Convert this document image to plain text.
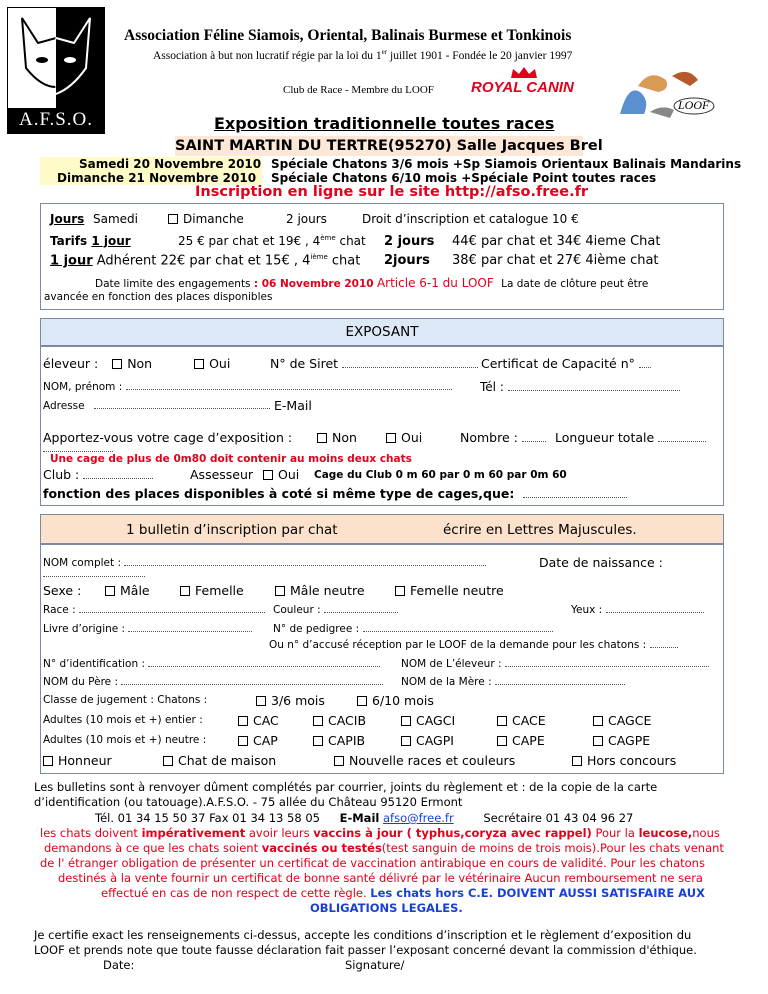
A.F.S.O.
Association Féline Siamois, Oriental, Balinais Burmese et Tonkinois
Association à but non lucratif régie par la loi du 1er juillet 1901 - Fondée le 20 janvier 1997
Club de Race - Membre du LOOF ROYAL CANIN
LOOF
Exposition traditionnelle toutes races
SAINT MARTIN DU TERTRE(95270) Salle Jacques Brel
Samedi 20 Novembre 2010 Spéciale Chatons 3/6 mois +Sp Siamois Orientaux Balinais Mandarins
Dimanche 21 Novembre 2010 Spéciale Chatons 6/10 mois +Spéciale Point toutes races
Inscription en ligne sur le site http://afso.free.fr
Jours Samedi	Dimanche	2 jours	Droit d’inscription et catalogue 10 €
Tarifs 1 jour	25 € par chat et 19€ , 4ème chat 2 jours 44€ par chat et 34€ 4ieme Chat
1 jour Adhérent 22€ par chat et 15€ , 4ième chat 2jours 38€ par chat et 27€ 4ième chat
Date limite des engagements : 06 Novembre 2010 Article 6-1 du LOOF La date de clôture peut être
avancée en fonction des places disponibles
EXPOSANT
éleveur : Non	Oui	N° de Siret	Certificat de Capacité n°
NOM, prénom :	Tél :
Adresse	E-Mail
Apportez-vous votre cage d’exposition :	Non	Oui	Nombre :	Longueur totale
Une cage de plus de 0m80 doit contenir au moins deux chats
Club :	Assesseur Oui Cage du Club 0 m 60 par 0 m 60 par 0m 60
fonction des places disponibles à coté si même type de cages,que:
1 bulletin d’inscription par chat	écrire en Lettres Majuscules.
NOM complet :	Date de naissance :
Sexe :	Mâle	Femelle	Mâle neutre	Femelle neutre
Race :	Couleur :	Yeux :
Livre d’origine :	N° de pedigree :
Ou n° d’accusé réception par le LOOF de la demande pour les chatons :
N° d’identification :	NOM de L’éleveur :
NOM du Père :	NOM de la Mère :
Classe de jugement : Chatons :	3/6 mois	6/10 mois
Adultes (10 mois et +) entier :	CAC	CACIB	CAGCI	CACE	CAGCE
Adultes (10 mois et +) neutre :	CAP	CAPIB	CAGPI	CAPE	CAGPE
Honneur	Chat de maison	Nouvelle races et couleurs	Hors concours
Les bulletins sont à renvoyer dûment complétés par courrier, joints du règlement et : de la copie de la carte
d’identification (ou tatouage).A.F.S.O. - 75 allée du Château 95120 Ermont
Tél. 01 34 15 50 37 Fax 01 34 13 58 05 E-Mail afso@free.fr	Secrétaire 01 43 04 96 27
les chats doivent impérativement avoir leurs vaccins à jour ( typhus,coryza avec rappel) Pour la leucose,nous
demandons à ce que les chats soient vaccinés ou testés(test sanguin de moins de trois mois).Pour les chats venant
de l' étranger obligation de présenter un certificat de vaccination antirabique en cours de validité. Pour les chatons
destinés à la vente fournir un certificat de bonne santé délivré par le vétérinaire Aucun remboursement ne sera
effectué en cas de non respect de cette règle. Les chats hors C.E. DOIVENT AUSSI SATISFAIRE AUX
OBLIGATIONS LEGALES.
Je certifie exact les renseignements ci-dessus, accepte les conditions d’inscription et le règlement d’exposition du
LOOF et prends note que toute fausse déclaration fait passer l’exposant concerné devant la commission d'éthique.
Date:	Signature/
